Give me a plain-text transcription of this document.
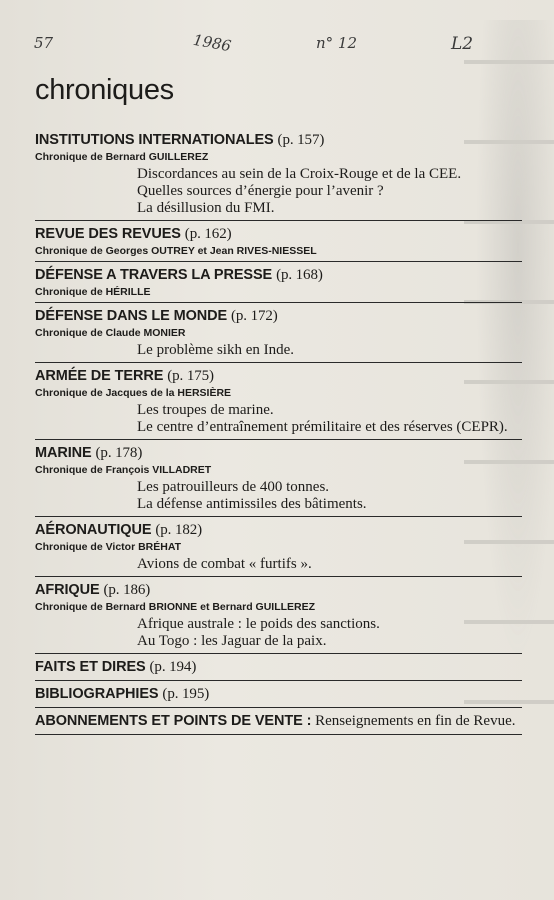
57	1986	n° 12	L2
chroniques
INSTITUTIONS INTERNATIONALES (p. 157)
Chronique de Bernard GUILLEREZ
Discordances au sein de la Croix-Rouge et de la CEE.
Quelles sources d’énergie pour l’avenir ?
La désillusion du FMI.
REVUE DES REVUES (p. 162)
Chronique de Georges OUTREY et Jean RIVES-NIESSEL
DÉFENSE A TRAVERS LA PRESSE (p. 168)
Chronique de HÉRILLE
DÉFENSE DANS LE MONDE (p. 172)
Chronique de Claude MONIER
Le problème sikh en Inde.
ARMÉE DE TERRE (p. 175)
Chronique de Jacques de la HERSIÈRE
Les troupes de marine.
Le centre d’entraînement prémilitaire et des réserves (CEPR).
MARINE (p. 178)
Chronique de François VILLADRET
Les patrouilleurs de 400 tonnes.
La défense antimissiles des bâtiments.
AÉRONAUTIQUE (p. 182)
Chronique de Victor BRÉHAT
Avions de combat « furtifs ».
AFRIQUE (p. 186)
Chronique de Bernard BRIONNE et Bernard GUILLEREZ
Afrique australe : le poids des sanctions.
Au Togo : les Jaguar de la paix.
FAITS ET DIRES (p. 194)
BIBLIOGRAPHIES (p. 195)
ABONNEMENTS ET POINTS DE VENTE : Renseignements en fin de Revue.
